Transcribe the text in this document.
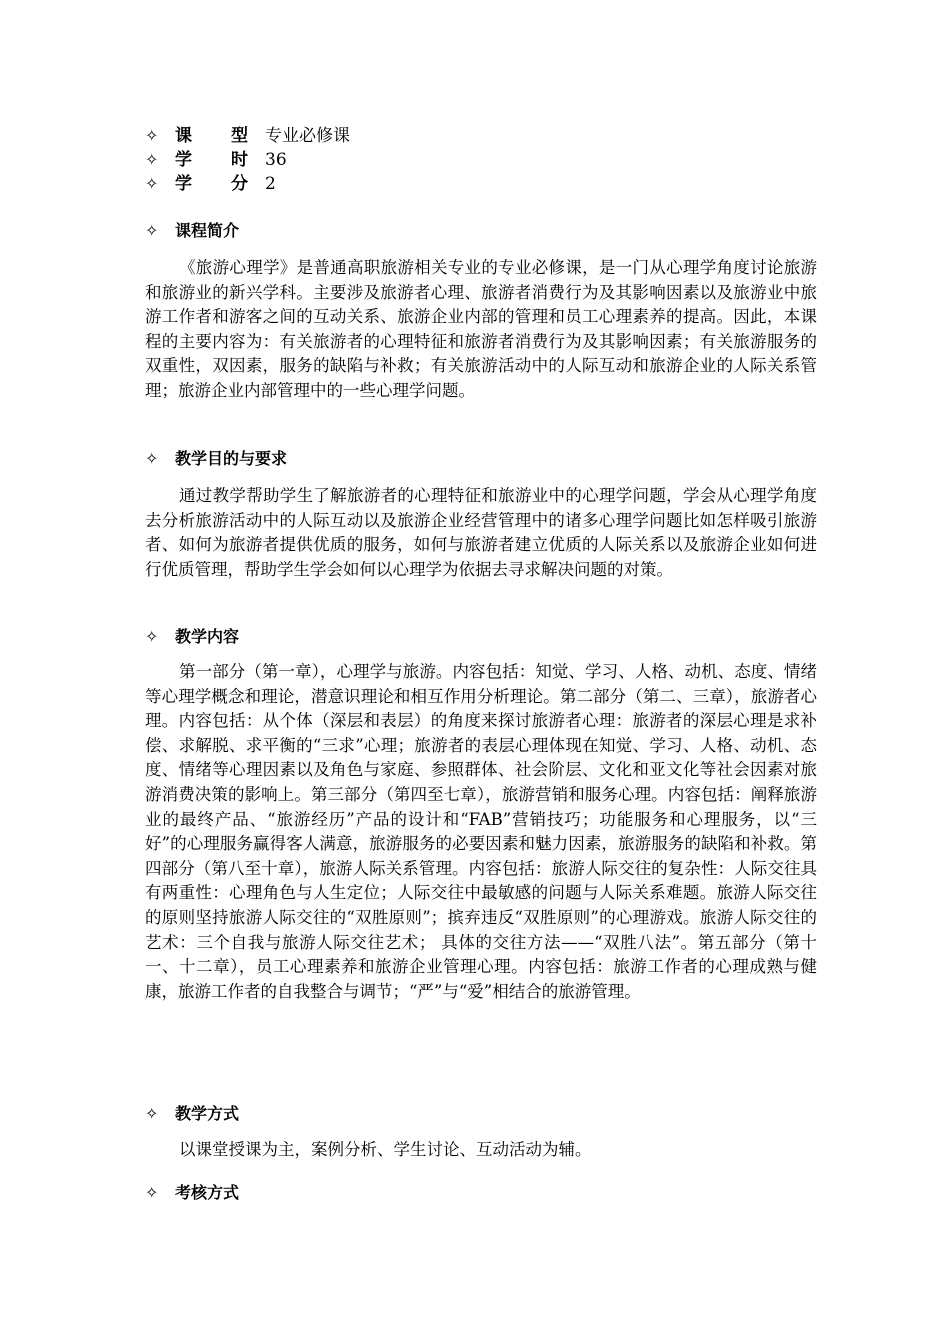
✧ 课 型 专业必修课
✧ 学 时 36
✧ 学 分 2
✧ 课程简介
《旅游心理学》是普通高职旅游相关专业的专业必修课，是一门从心理学角度讨论旅游和旅游业的新兴学科。主要涉及旅游者心理、旅游者消费行为及其影响因素以及旅游业中旅游工作者和游客之间的互动关系、旅游企业内部的管理和员工心理素养的提高。因此，本课程的主要内容为：有关旅游者的心理特征和旅游者消费行为及其影响因素；有关旅游服务的双重性，双因素，服务的缺陷与补救；有关旅游活动中的人际互动和旅游企业的人际关系管理；旅游企业内部管理中的一些心理学问题。
✧ 教学目的与要求
通过教学帮助学生了解旅游者的心理特征和旅游业中的心理学问题，学会从心理学角度去分析旅游活动中的人际互动以及旅游企业经营管理中的诸多心理学问题比如怎样吸引旅游者、如何为旅游者提供优质的服务，如何与旅游者建立优质的人际关系以及旅游企业如何进行优质管理，帮助学生学会如何以心理学为依据去寻求解决问题的对策。
✧ 教学内容
第一部分（第一章），心理学与旅游。内容包括：知觉、学习、人格、动机、态度、情绪等心理学概念和理论，潜意识理论和相互作用分析理论。第二部分（第二、三章），旅游者心理。内容包括：从个体（深层和表层）的角度来探讨旅游者心理：旅游者的深层心理是求补偿、求解脱、求平衡的“三求”心理；旅游者的表层心理体现在知觉、学习、人格、动机、态度、情绪等心理因素以及角色与家庭、参照群体、社会阶层、文化和亚文化等社会因素对旅游消费决策的影响上。第三部分（第四至七章），旅游营销和服务心理。内容包括：阐释旅游业的最终产品、“旅游经历”产品的设计和“FAB”营销技巧；功能服务和心理服务，以“三好”的心理服务赢得客人满意，旅游服务的必要因素和魅力因素，旅游服务的缺陷和补救。第四部分（第八至十章），旅游人际关系管理。内容包括：旅游人际交往的复杂性：人际交往具有两重性：心理角色与人生定位；人际交往中最敏感的问题与人际关系难题。旅游人际交往的原则坚持旅游人际交往的“双胜原则”；摈弃违反“双胜原则”的心理游戏。旅游人际交往的艺术：三个自我与旅游人际交往艺术； 具体的交往方法——“双胜八法”。第五部分（第十一、十二章），员工心理素养和旅游企业管理心理。内容包括：旅游工作者的心理成熟与健康，旅游工作者的自我整合与调节；“严”与“爱”相结合的旅游管理。
✧ 教学方式
以课堂授课为主，案例分析、学生讨论、互动活动为辅。
✧ 考核方式
